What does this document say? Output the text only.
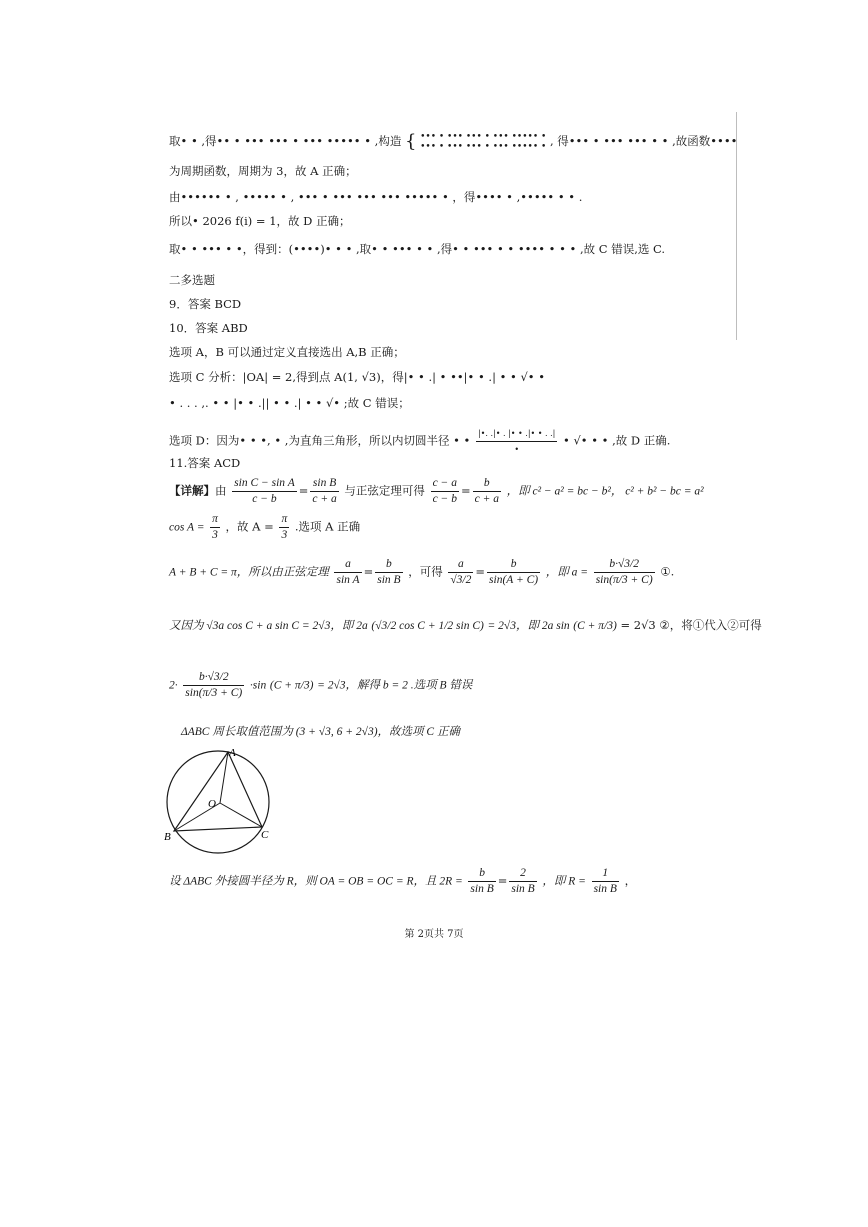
取• • ,得•• • ••• ••• • ••• ••••• • ,构造 { ••• • ••• ••• • ••• ••••• •
••• • ••• ••• • ••• ••••• • , 得••• • ••• ••• • • ,故函数••••
为周期函数，周期为 3，故 A 正确；
由•••••• • , ••••• • , ••• • ••• ••• ••• ••••• • ，得•••• • ,••••• • • .
所以• 2026 f(i) = 1，故 D 正确；
取• • ••• • •，得到：(••••)• • • ,取• • ••• • • ,得• • ••• • • •••• • • • ,故 C 错误,选 C.
二多选题
9．答案 BCD
10．答案 ABD
选项 A，B 可以通过定义直接选出 A,B 正确；
选项 C 分析：|OA| = 2,得到点 A(1, √3)，得|• • .| • ••|• • .| • • √• •
• . . . ,. • • |• • .|| • • .| • • √• ;故 C 错误；
选项 D：因为• • •, • ,为直角三角形，所以内切圆半径 • • $\frac{|•. .|• . |• • .|• • . .|}{•}$ • √• • • ,故 D 正确.
11.答案 ACD
【详解】由 $\frac{\text{sin C − sin A}}{c - b} = \frac{\text{sin B}}{c + a}$ 与正弦定理可得 $\frac{c - a}{c - b} = \frac{b}{c + a}$ ，即 c² − a² = bc − b²， c² + b² − bc = a²
$\cos A = \frac{\pi}{3}$ ，故 $A = \frac{\pi}{3}$ .选项 A 正确
A + B + C = π，所以由正弦定理 $\frac{a}{\text{sin A}} = \frac{b}{\text{sin B}}$ ，可得 $\frac{a}{√3/2} = \frac{b}{\sin(A + C)}$ ，即 $a = \frac{b\cdot√3/2}{\sin(\pi/3 + C)}$ ①.
又因为 √3a cos C + a sin C = 2√3，即 2a (√3/2 cos C + 1/2 sin C) = 2√3，即 2a sin (C + π/3) = 2√3 ②，将①代入②可得
$2\cdot \frac{b\cdot√3/2}{\sin(\pi/3 + C)} \cdot\sin$ (C + π/3) = 2√3，解得 b = 2 .选项 B 错误
ΔABC 周长取值范围为 (3 + √3, 6 + 2√3)，故选项 C 正确
A
O
B	C
设 ΔABC 外接圆半径为 R，则 OA = OB = OC = R，且 $2R = \frac{b}{\text{sin B}} = \frac{2}{\text{sin B}}$ ，即 $R = \frac{1}{\text{sin B}}$ ，
第 2页共 7页
